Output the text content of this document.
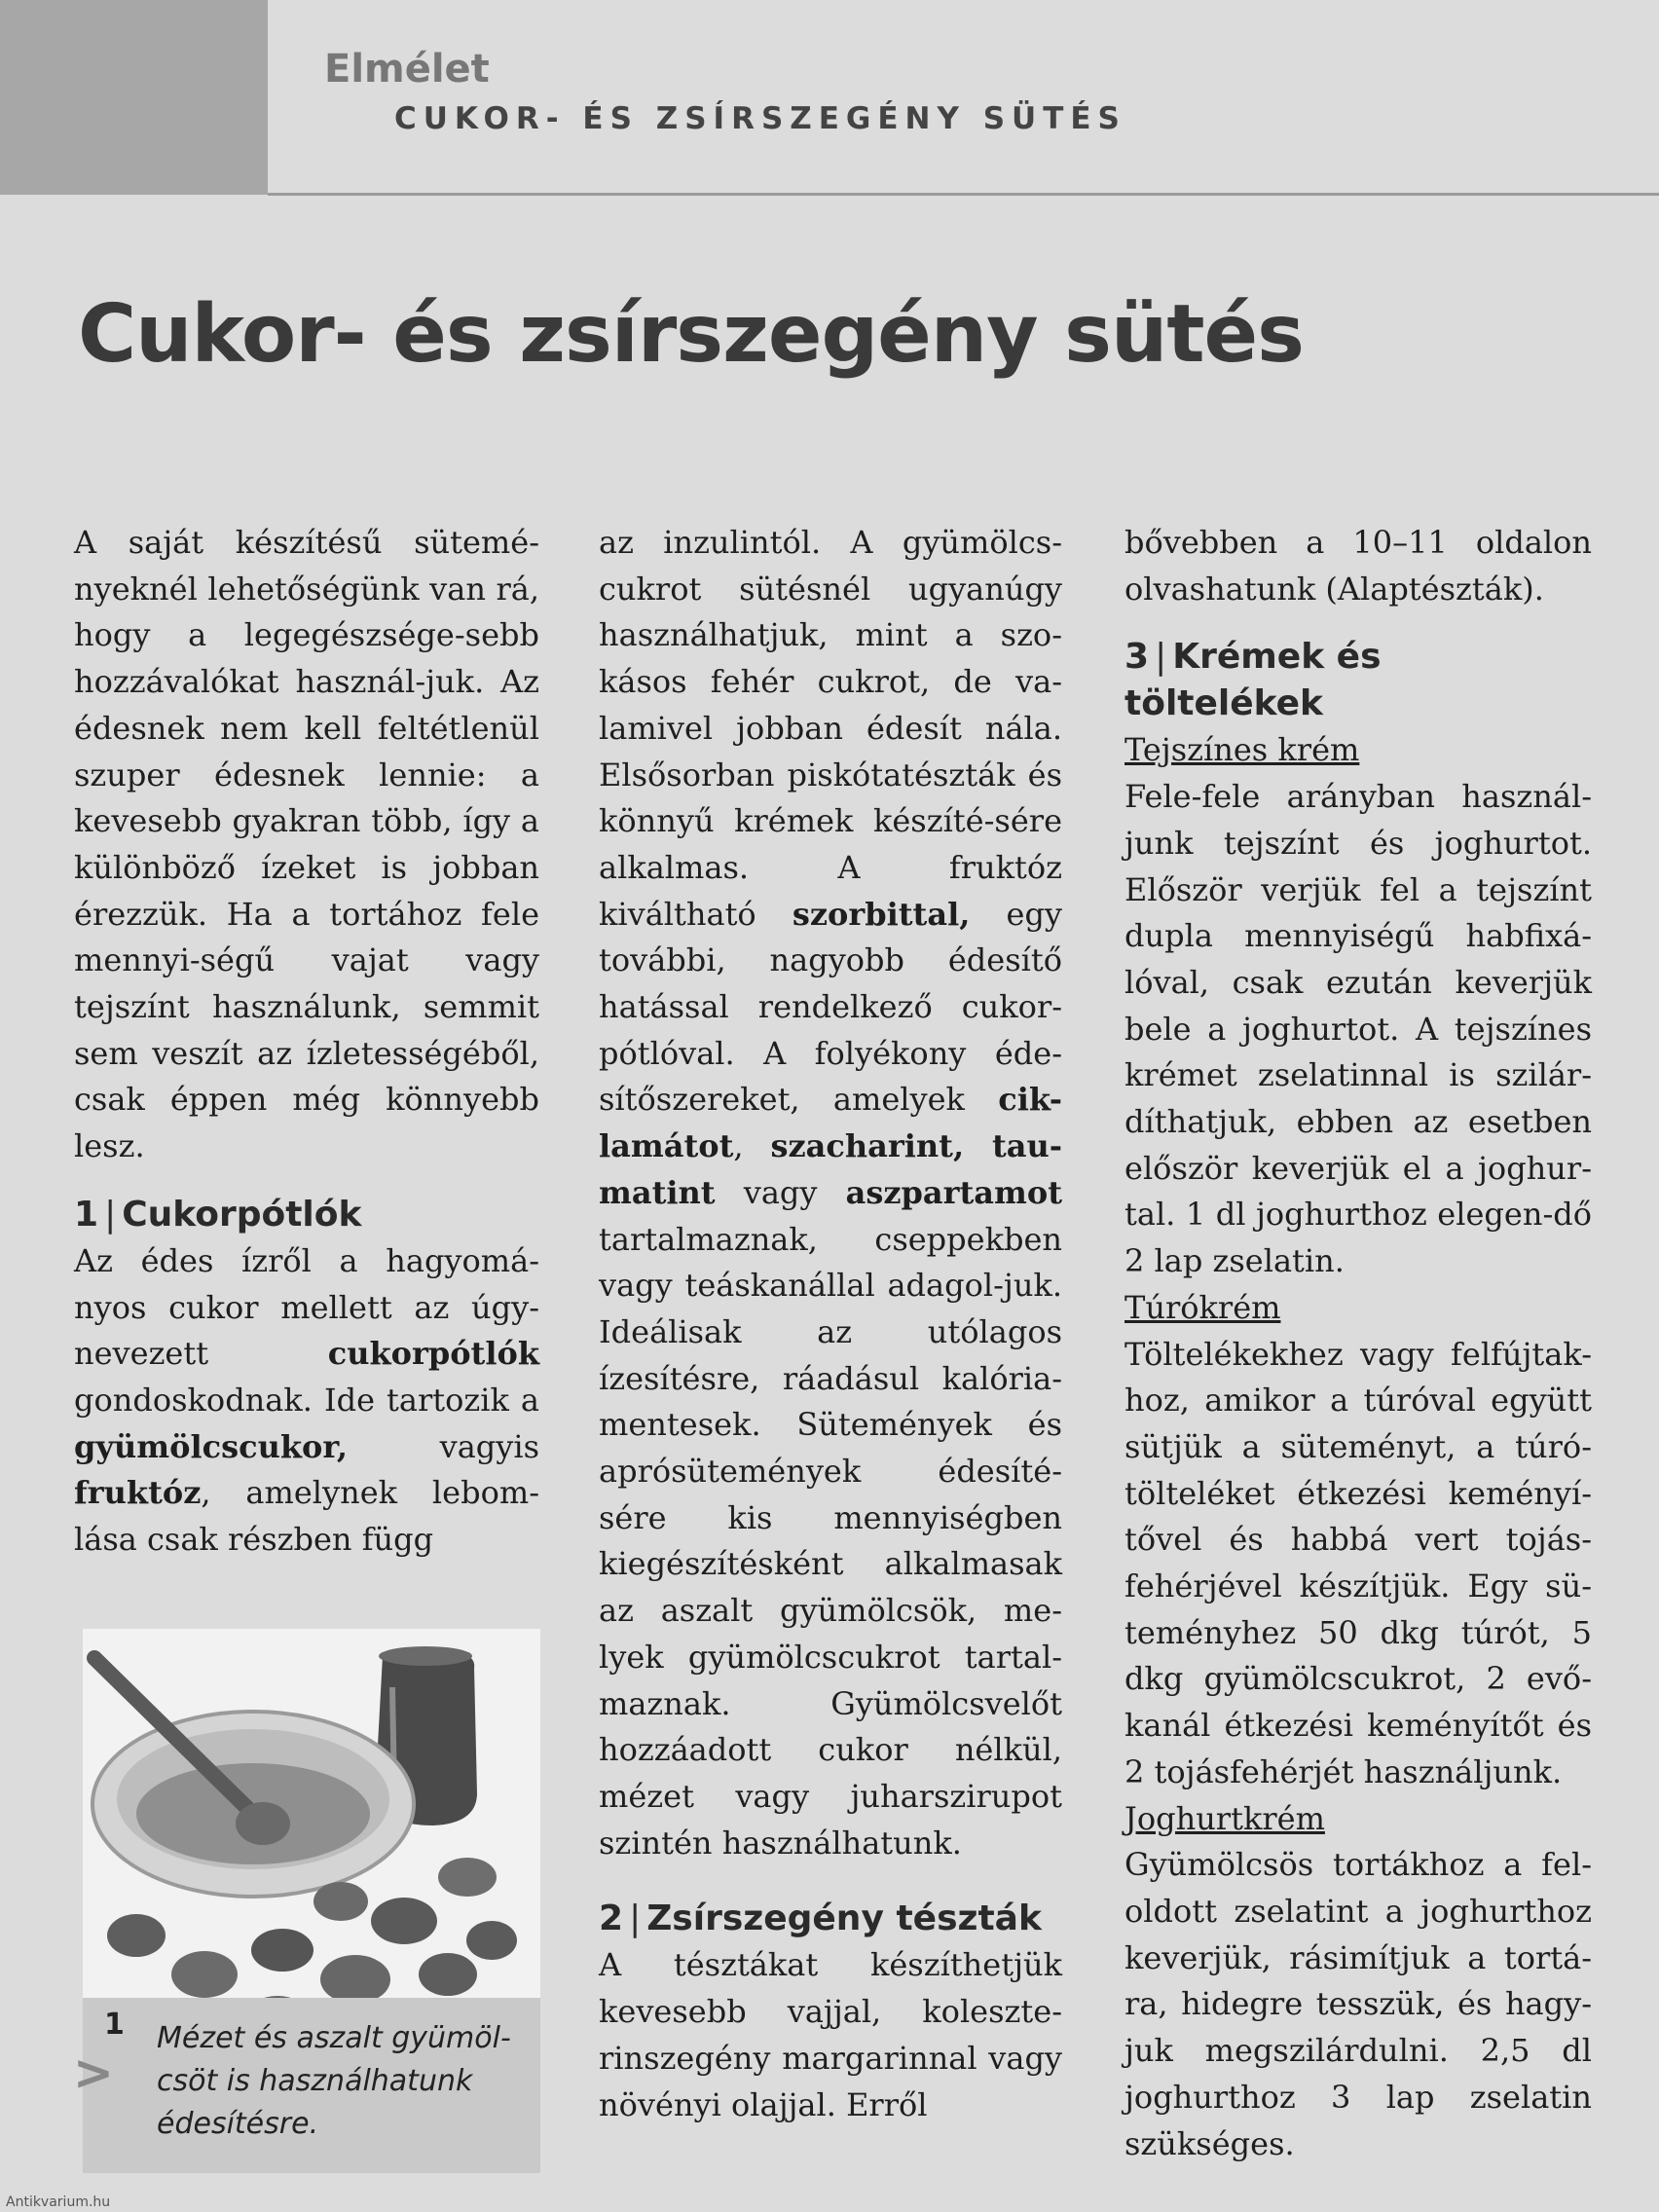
Elmélet
CUKOR- ÉS ZSÍRSZEGÉNY SÜTÉS
Cukor- és zsírszegény sütés

A saját készítésű sütemé-nyeknél lehetőségünk van rá, hogy a legegészsége-sebb hozzávalókat használ-juk. Az édesnek nem kell feltétlenül szuper édesnek lennie: a kevesebb gyakran több, így a különböző ízeket is jobban érezzük. Ha a tortához fele mennyi-ségű vajat vagy tejszínt használunk, semmit sem veszít az ízletességéből, csak éppen még könnyebb lesz.

1 | Cukorpótlók

Az édes ízről a hagyomá-nyos cukor mellett az úgy-nevezett cukorpótlók gondoskodnak. Ide tartozik a gyümölcscukor, vagyis fruktóz, amelynek lebom-lása csak részben függ

1
>
Mézet és aszalt gyümöl-csöt is használhatunk édesítésre.

az inzulintól. A gyümölcs-cukrot sütésnél ugyanúgy használhatjuk, mint a szo-kásos fehér cukrot, de va-lamivel jobban édesít nála. Elsősorban piskótatészták és könnyű krémek készíté-sére alkalmas. A fruktóz kiváltható szorbittal, egy további, nagyobb édesítő hatással rendelkező cukor-pótlóval. A folyékony éde-sítőszereket, amelyek cik-lamátot, szacharint, tau-matint vagy aszpartamot tartalmaznak, cseppekben vagy teáskanállal adagol-juk. Ideálisak az utólagos ízesítésre, ráadásul kalória-mentesek. Sütemények és aprósütemények édesíté-sére kis mennyiségben kiegészítésként alkalmasak az aszalt gyümölcsök, me-lyek gyümölcscukrot tartal-maznak. Gyümölcsvelőt hozzáadott cukor nélkül, mézet vagy juharszirupot szintén használhatunk.

2 | Zsírszegény tészták

A tésztákat készíthetjük kevesebb vajjal, koleszte-rinszegény margarinnal vagy növényi olajjal. Erről

bővebben a 10–11 oldalon olvashatunk (Alaptészták).

3 | Krémek és töltelékek
Tejszínes krém

Fele-fele arányban használ-junk tejszínt és joghurtot. Először verjük fel a tejszínt dupla mennyiségű habfixá-lóval, csak ezután keverjük bele a joghurtot. A tejszínes krémet zselatinnal is szilár-díthatjuk, ebben az esetben először keverjük el a joghur-tal. 1 dl joghurthoz elegen-dő 2 lap zselatin.

Túrókrém

Töltelékekhez vagy felfújtak-hoz, amikor a túróval együtt sütjük a süteményt, a túró-tölteléket étkezési keményí-tővel és habbá vert tojás-fehérjével készítjük. Egy sü-teményhez 50 dkg túrót, 5 dkg gyümölcscukrot, 2 evő-kanál étkezési keményítőt és 2 tojásfehérjét használjunk.

Joghurtkrém

Gyümölcsös tortákhoz a fel-oldott zselatint a joghurthoz keverjük, rásimítjuk a tortá-ra, hidegre tesszük, és hagy-juk megszilárdulni. 2,5 dl joghurthoz 3 lap zselatin szükséges.

Antikvarium.hu
